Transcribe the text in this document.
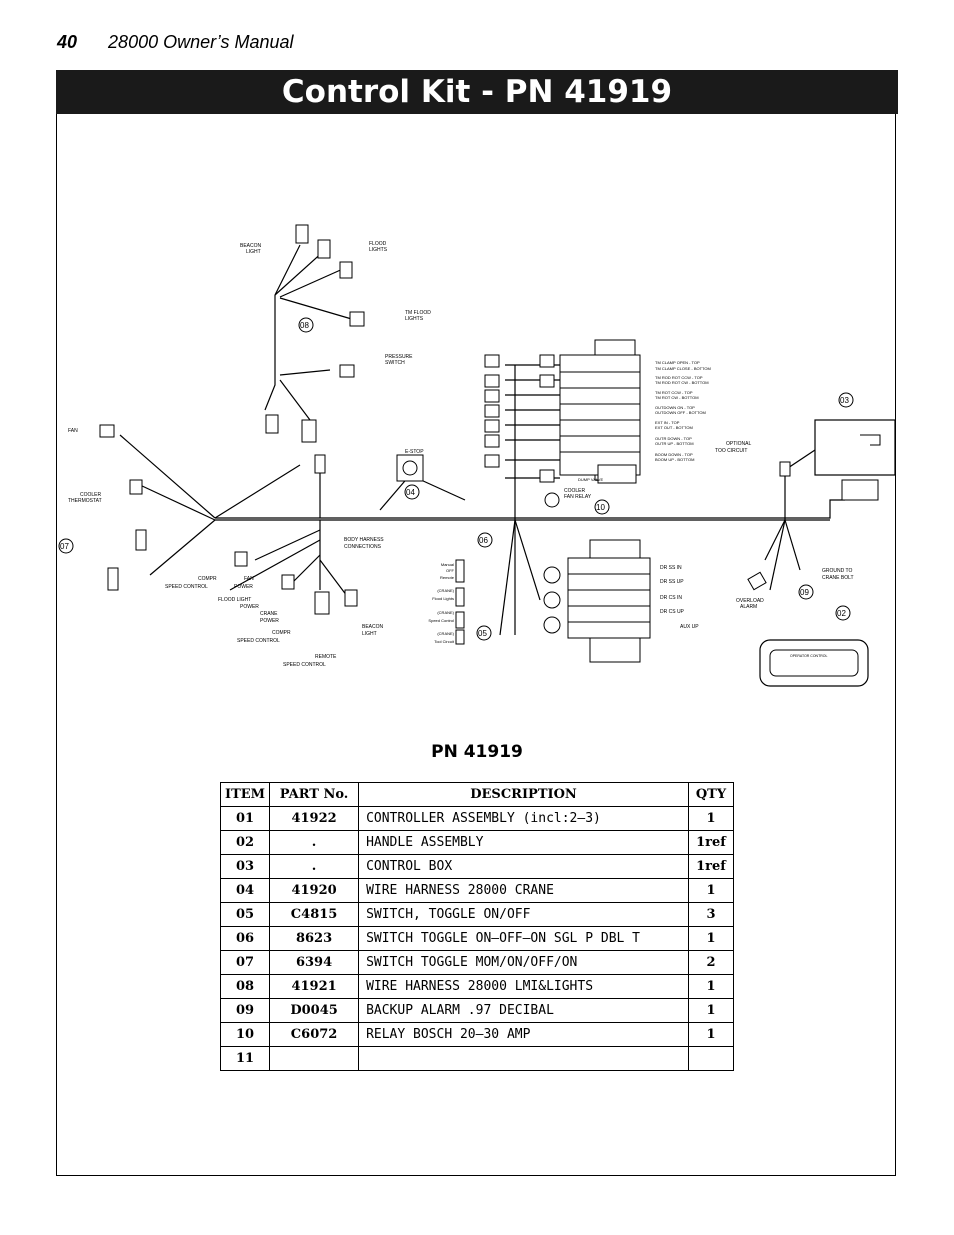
40 28000 Owner’s Manual
Control Kit - PN 41919
TM CLAMP OPEN - TOP
TM CLAMP CLOSE - BOTTOM
TM ROD ROT CCW - TOP
TM ROD ROT CW - BOTTOM
TM ROT CCW - TOP
TM ROT CW - BOTTOM
OUTDOWN ON - TOP
OUTDOWN OFF - BOTTOM
EXT IN - TOP
EXT OUT - BOTTOM
OUTR DOWN - TOP
OUTR UP - BOTTOM
BOOM DOWN - TOP
BOOM UP - BOTTOM
DR SS IN
DR SS UP
DR CS IN
DR CS UP
AUX UP
Manual
OFF
Remote
(CRANE)
Flood Lights
(CRANE)
Speed Control
(CRANE)
Tool Circuit
BEACON
LIGHT
FLOOD
LIGHTS
TM FLOOD
LIGHTS
PRESSURE
SWITCH
FAN
COOLER
THERMOSTAT
E-STOP
COOLER
FAN RELAY
DUMP VALVE
OPTIONAL
TOO CIRCUIT
BODY HARNESS
CONNECTIONS
SPEED CONTROL
COMPR	FAN
POWER
FLOOD LIGHT
POWER
CRANE
POWER
COMPR
SPEED CONTROL
REMOTE
SPEED CONTROL
BEACON
LIGHT
GROUND TO
CRANE BOLT
OVERLOAD
ALARM
OPERATOR CONTROL
08
03
04
10
06
07
05
09
02
PN 41919
ITEM	PART No.	DESCRIPTION	QTY
01	41922	CONTROLLER ASSEMBLY (incl:2—3)	1
02	.	HANDLE ASSEMBLY	1ref
03	.	CONTROL BOX	1ref
04	41920	WIRE HARNESS 28000 CRANE	1
05	C4815	SWITCH, TOGGLE ON/OFF	3
06	8623	SWITCH TOGGLE ON—OFF—ON SGL P DBL T	1
07	6394	SWITCH TOGGLE MOM/ON/OFF/ON	2
08	41921	WIRE HARNESS 28000 LMI&LIGHTS	1
09	D0045	BACKUP ALARM .97 DECIBAL	1
10	C6072	RELAY BOSCH 20—30 AMP	1
11			
